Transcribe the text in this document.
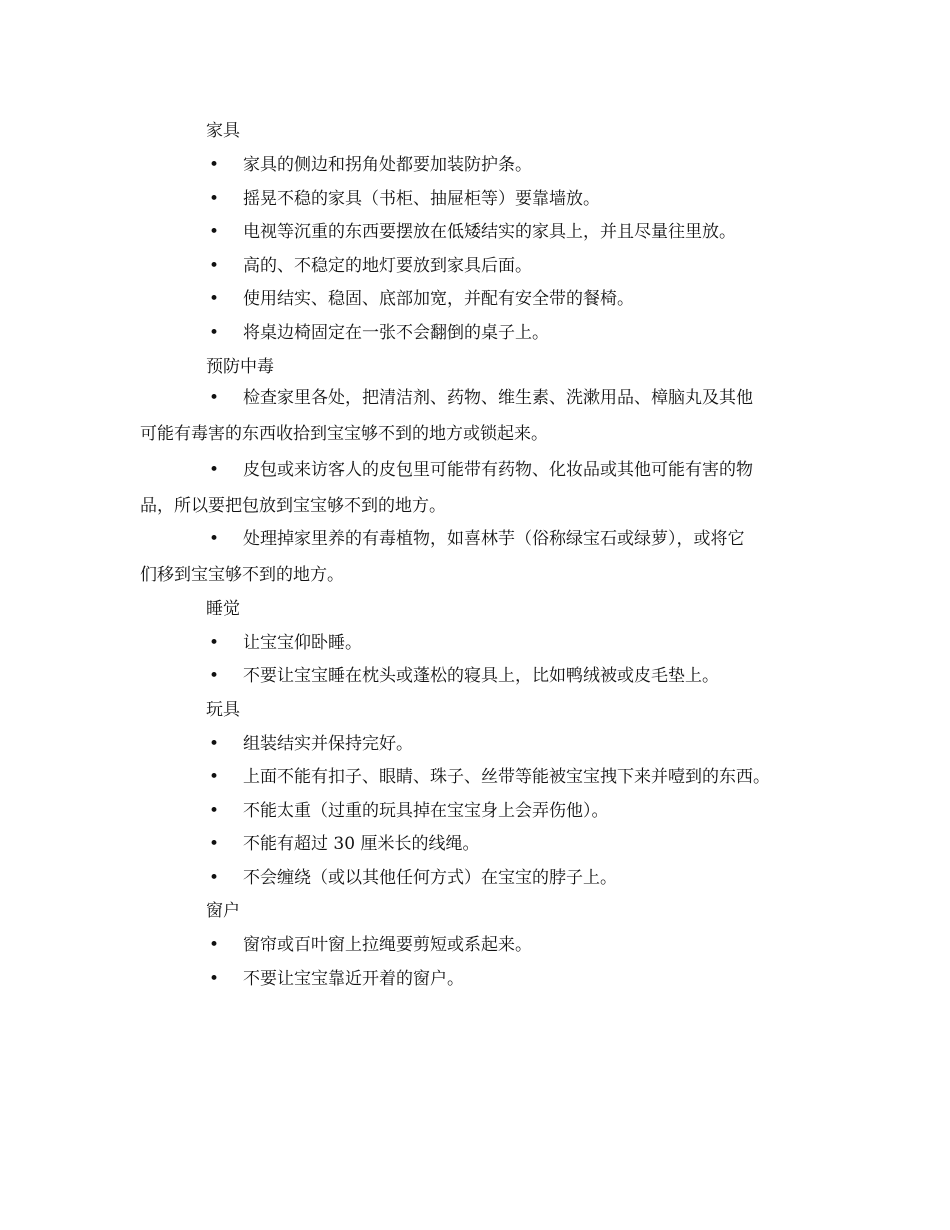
家具
• 家具的侧边和拐角处都要加装防护条。
• 摇晃不稳的家具（书柜、抽屉柜等）要靠墙放。
• 电视等沉重的东西要摆放在低矮结实的家具上，并且尽量往里放。
• 高的、不稳定的地灯要放到家具后面。
• 使用结实、稳固、底部加宽，并配有安全带的餐椅。
• 将桌边椅固定在一张不会翻倒的桌子上。
预防中毒
• 检查家里各处，把清洁剂、药物、维生素、洗漱用品、樟脑丸及其他
可能有毒害的东西收拾到宝宝够不到的地方或锁起来。
• 皮包或来访客人的皮包里可能带有药物、化妆品或其他可能有害的物
品，所以要把包放到宝宝够不到的地方。
• 处理掉家里养的有毒植物，如喜林芋（俗称绿宝石或绿萝），或将它
们移到宝宝够不到的地方。
睡觉
• 让宝宝仰卧睡。
• 不要让宝宝睡在枕头或蓬松的寝具上，比如鸭绒被或皮毛垫上。
玩具
• 组装结实并保持完好。
• 上面不能有扣子、眼睛、珠子、丝带等能被宝宝拽下来并噎到的东西。
• 不能太重（过重的玩具掉在宝宝身上会弄伤他）。
• 不能有超过 30 厘米长的线绳。
• 不会缠绕（或以其他任何方式）在宝宝的脖子上。
窗户
• 窗帘或百叶窗上拉绳要剪短或系起来。
• 不要让宝宝靠近开着的窗户。
